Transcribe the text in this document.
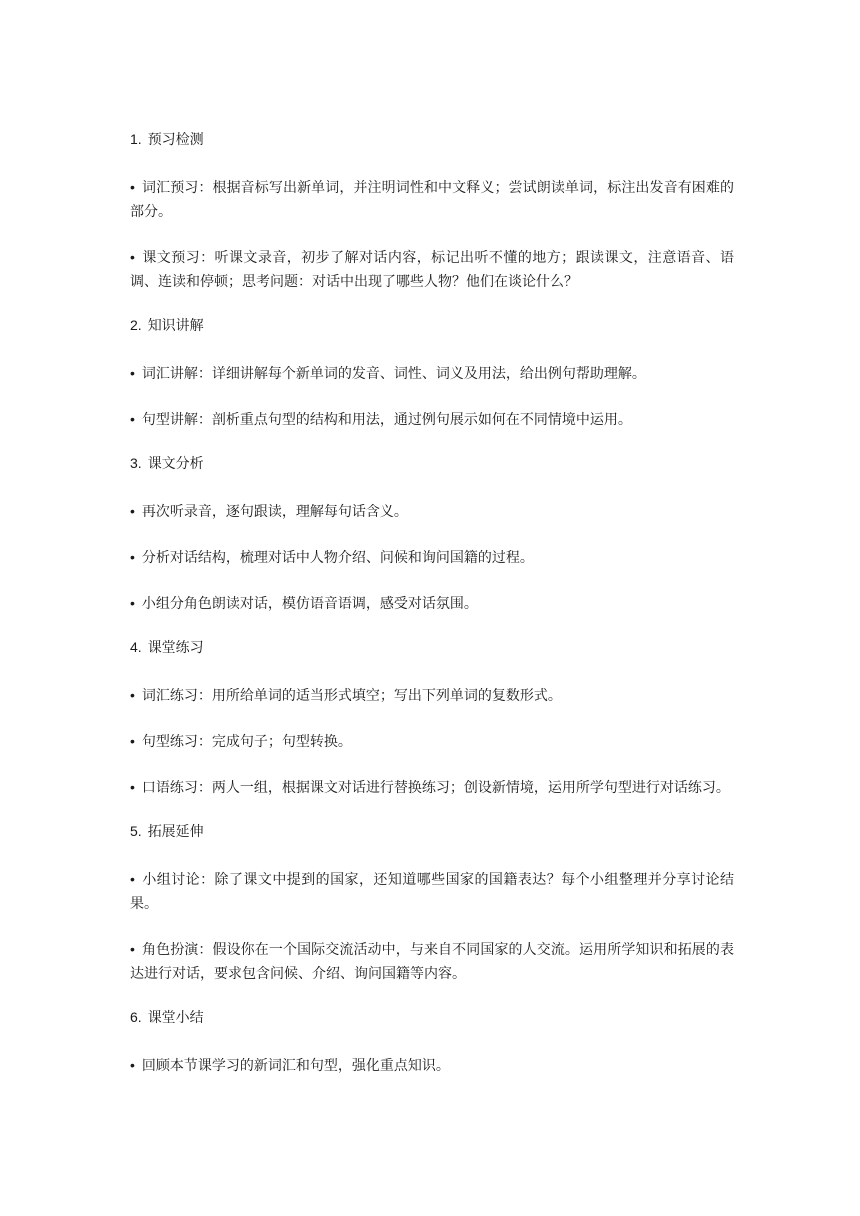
1. 预习检测

• 词汇预习：根据音标写出新单词，并注明词性和中文释义；尝试朗读单词，标注出发音有困难的部分。

• 课文预习：听课文录音，初步了解对话内容，标记出听不懂的地方；跟读课文，注意语音、语调、连读和停顿；思考问题：对话中出现了哪些人物？他们在谈论什么？

2. 知识讲解

• 词汇讲解：详细讲解每个新单词的发音、词性、词义及用法，给出例句帮助理解。

• 句型讲解：剖析重点句型的结构和用法，通过例句展示如何在不同情境中运用。

3. 课文分析

• 再次听录音，逐句跟读，理解每句话含义。

• 分析对话结构，梳理对话中人物介绍、问候和询问国籍的过程。

• 小组分角色朗读对话，模仿语音语调，感受对话氛围。

4. 课堂练习

• 词汇练习：用所给单词的适当形式填空；写出下列单词的复数形式。

• 句型练习：完成句子；句型转换。

• 口语练习：两人一组，根据课文对话进行替换练习；创设新情境，运用所学句型进行对话练习。

5. 拓展延伸

• 小组讨论：除了课文中提到的国家，还知道哪些国家的国籍表达？每个小组整理并分享讨论结果。

• 角色扮演：假设你在一个国际交流活动中，与来自不同国家的人交流。运用所学知识和拓展的表达进行对话，要求包含问候、介绍、询问国籍等内容。

6. 课堂小结

• 回顾本节课学习的新词汇和句型，强化重点知识。
